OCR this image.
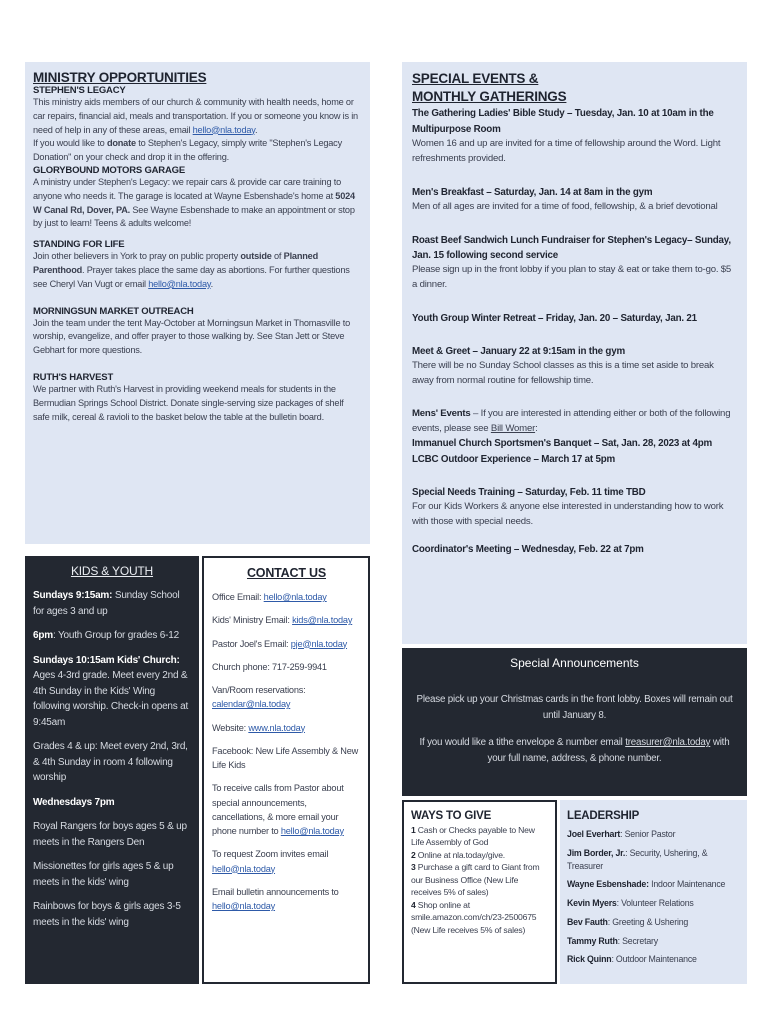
MINISTRY OPPORTUNITIES
STEPHEN'S LEGACY

This ministry aids members of our church & community with health needs, home or car repairs, financial aid, meals and transportation. If you or someone you know is in need of help in any of these areas, email hello@nla.today.

If you would like to donate to Stephen's Legacy, simply write "Stephen's Legacy Donation" on your check and drop it in the offering.

GLORYBOUND MOTORS GARAGE

A ministry under Stephen's Legacy: we repair cars & provide car care training to anyone who needs it. The garage is located at Wayne Esbenshade's home at 5024 W Canal Rd, Dover, PA. See Wayne Esbenshade to make an appointment or stop by just to learn! Teens & adults welcome!

STANDING FOR LIFE

Join other believers in York to pray on public property outside of Planned Parenthood. Prayer takes place the same day as abortions. For further questions see Cheryl Van Vugt or email hello@nla.today.

MORNINGSUN MARKET OUTREACH

Join the team under the tent May-October at Morningsun Market in Thomasville to worship, evangelize, and offer prayer to those walking by. See Stan Jett or Steve Gebhart for more questions.

RUTH'S HARVEST

We partner with Ruth's Harvest in providing weekend meals for students in the Bermudian Springs School District. Donate single-serving size packages of shelf safe milk, cereal & ravioli to the basket below the table at the bulletin board.

SPECIAL EVENTS &
MONTHLY GATHERINGS
The Gathering Ladies' Bible Study – Tuesday, Jan. 10 at 10am in the Multipurpose Room
Women 16 and up are invited for a time of fellowship around the Word. Light refreshments provided.
Men's Breakfast – Saturday, Jan. 14 at 8am in the gym
Men of all ages are invited for a time of food, fellowship, & a brief devotional
Roast Beef Sandwich Lunch Fundraiser for Stephen's Legacy– Sunday, Jan. 15 following second service
Please sign up in the front lobby if you plan to stay & eat or take them to-go. $5 a dinner.
Youth Group Winter Retreat – Friday, Jan. 20 – Saturday, Jan. 21
Meet & Greet – January 22 at 9:15am in the gym
There will be no Sunday School classes as this is a time set aside to break away from normal routine for fellowship time.
Mens' Events – If you are interested in attending either or both of the following events, please see Bill Womer:
Immanuel Church Sportsmen's Banquet – Sat, Jan. 28, 2023 at 4pm
LCBC Outdoor Experience – March 17 at 5pm
Special Needs Training – Saturday, Feb. 11 time TBD
For our Kids Workers & anyone else interested in understanding how to work with those with special needs.
Coordinator's Meeting – Wednesday, Feb. 22 at 7pm
KIDS & YOUTH

Sundays 9:15am: Sunday School for ages 3 and up

6pm: Youth Group for grades 6-12

Sundays 10:15am Kids' Church: Ages 4-3rd grade. Meet every 2nd & 4th Sunday in the Kids' Wing following worship. Check-in opens at 9:45am

Grades 4 & up: Meet every 2nd, 3rd, & 4th Sunday in room 4 following worship

Wednesdays 7pm

Royal Rangers for boys ages 5 & up meets in the Rangers Den

Missionettes for girls ages 5 & up meets in the kids' wing

Rainbows for boys & girls ages 3-5 meets in the kids' wing

CONTACT US

Office Email: hello@nla.today

Kids' Ministry Email: kids@nla.today

Pastor Joel's Email: pje@nla.today

Church phone: 717-259-9941

Van/Room reservations:
calendar@nla.today

Website: www.nla.today

Facebook: New Life Assembly & New Life Kids

To receive calls from Pastor about special announcements, cancellations, & more email your phone number to hello@nla.today

To request Zoom invites email hello@nla.today

Email bulletin announcements to hello@nla.today

Special Announcements

Please pick up your Christmas cards in the front lobby. Boxes will remain out until January 8.

If you would like a tithe envelope & number email treasurer@nla.today with your full name, address, & phone number.

WAYS TO GIVE

1 Cash or Checks payable to New Life Assembly of God

2 Online at nla.today/give.

3 Purchase a gift card to Giant from our Business Office (New Life receives 5% of sales)

4 Shop online at smile.amazon.com/ch/23-2500675 (New Life receives 5% of sales)

LEADERSHIP

Joel Everhart: Senior Pastor

Jim Border, Jr.: Security, Ushering, & Treasurer

Wayne Esbenshade: Indoor Maintenance

Kevin Myers: Volunteer Relations

Bev Fauth: Greeting & Ushering

Tammy Ruth: Secretary

Rick Quinn: Outdoor Maintenance
